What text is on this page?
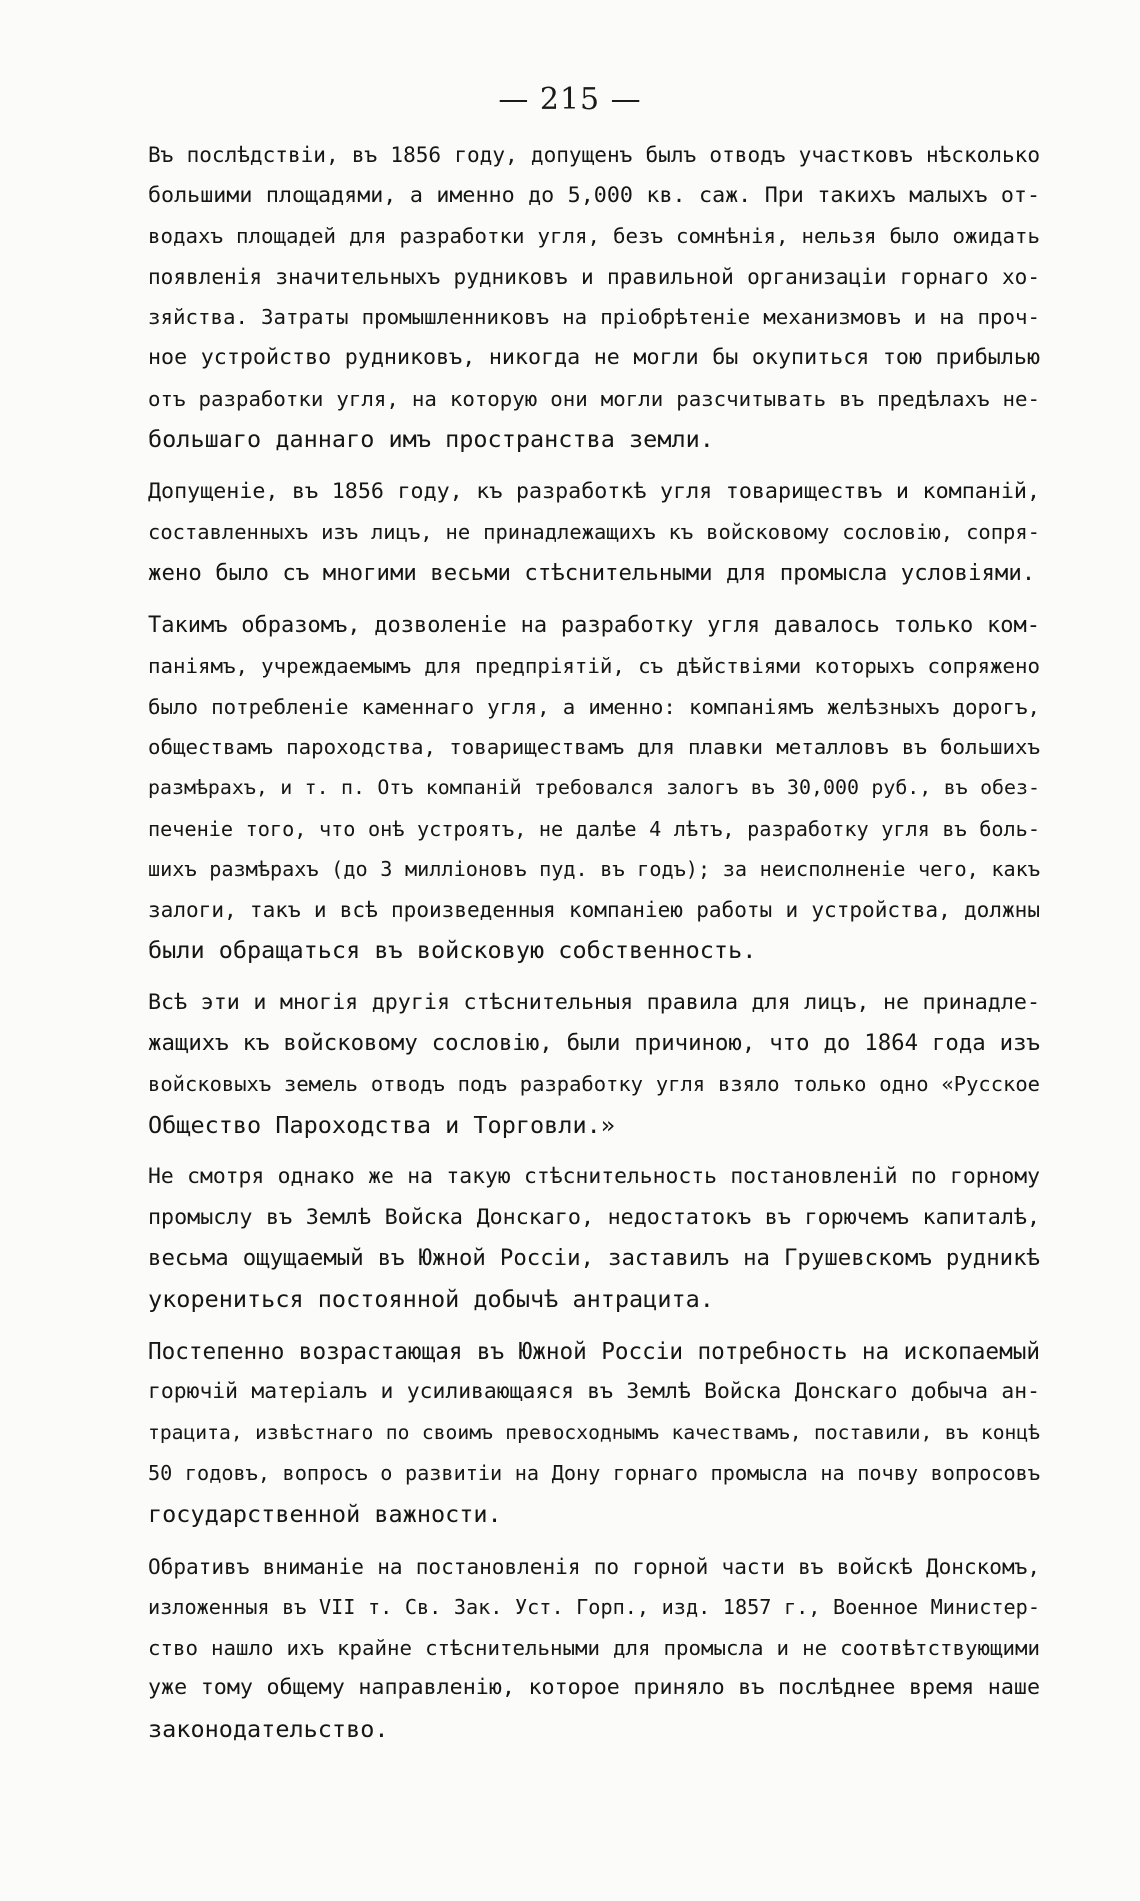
— 215 —
Въ послѣдствіи, въ 1856 году, допущенъ былъ отводъ участковъ нѣсколько
большими площадями, а именно до 5,000 кв. саж. При такихъ малыхъ от-
водахъ площадей для разработки угля, безъ сомнѣнія, нельзя было ожидать
появленія значительныхъ рудниковъ и правильной организаціи горнаго хо-
зяйства. Затраты промышленниковъ на пріобрѣтеніе механизмовъ и на проч-
ное устройство рудниковъ, никогда не могли бы окупиться тою прибылью
отъ разработки угля, на которую они могли разсчитывать въ предѣлахъ не-
большаго даннаго имъ пространства земли.
Допущеніе, въ 1856 году, къ разработкѣ угля товариществъ и компаній,
составленныхъ изъ лицъ, не принадлежащихъ къ войсковому сословію, сопря-
жено было съ многими весьми стѣснительными для промысла условіями.
Такимъ образомъ, дозволеніе на разработку угля давалось только ком-
паніямъ, учреждаемымъ для предпріятій, съ дѣйствіями которыхъ сопряжено
было потребленіе каменнаго угля, а именно: компаніямъ желѣзныхъ дорогъ,
обществамъ пароходства, товариществамъ для плавки металловъ въ большихъ
размѣрахъ, и т. п. Отъ компаній требовался залогъ въ 30,000 руб., въ обез-
печеніе того, что онѣ устроятъ, не далѣе 4 лѣтъ, разработку угля въ боль-
шихъ размѣрахъ (до 3 милліоновъ пуд. въ годъ); за неисполненіе чего, какъ
залоги, такъ и всѣ произведенныя компаніею работы и устройства, должны
были обращаться въ войсковую собственность.
Всѣ эти и многія другія стѣснительныя правила для лицъ, не принадле-
жащихъ къ войсковому сословію, были причиною, что до 1864 года изъ
войсковыхъ земель отводъ подъ разработку угля взяло только одно «Русское
Общество Пароходства и Торговли.»
Не смотря однако же на такую стѣснительность постановленій по горному
промыслу въ Землѣ Войска Донскаго, недостатокъ въ горючемъ капиталѣ,
весьма ощущаемый въ Южной Россіи, заставилъ на Грушевскомъ рудникѣ
укорениться постоянной добычѣ антрацита.
Постепенно возрастающая въ Южной Россіи потребность на ископаемый
горючій матеріалъ и усиливающаяся въ Землѣ Войска Донскаго добыча ан-
трацита, извѣстнаго по своимъ превосходнымъ качествамъ, поставили, въ концѣ
50 годовъ, вопросъ о развитіи на Дону горнаго промысла на почву вопросовъ
государственной важности.
Обративъ вниманіе на постановленія по горной части въ войскѣ Донскомъ,
изложенныя въ VII т. Св. Зак. Уст. Горп., изд. 1857 г., Военное Министер-
ство нашло ихъ крайне стѣснительными для промысла и не соотвѣтствующими
уже тому общему направленію, которое приняло въ послѣднее время наше
законодательство.
